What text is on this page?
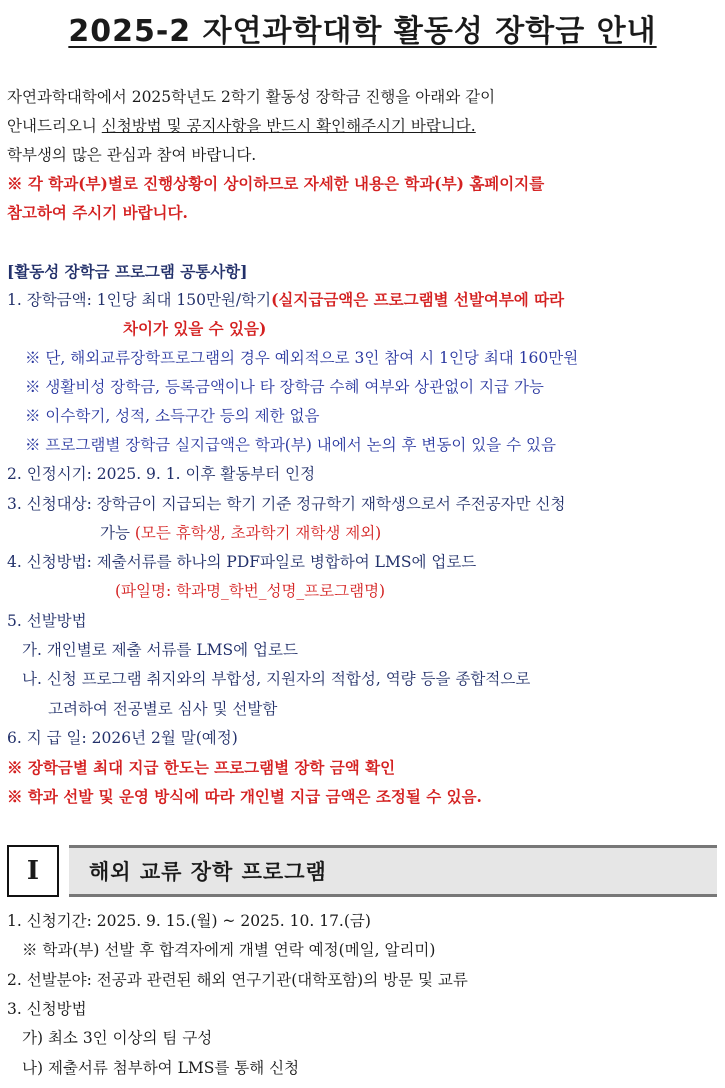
2025-2 자연과학대학 활동성 장학금 안내
자연과학대학에서 2025학년도 2학기 활동성 장학금 진행을 아래와 같이
안내드리오니 신청방법 및 공지사항을 반드시 확인해주시기 바랍니다.
학부생의 많은 관심과 참여 바랍니다.
※ 각 학과(부)별로 진행상황이 상이하므로 자세한 내용은 학과(부) 홈페이지를
참고하여 주시기 바랍니다.
[활동성 장학금 프로그램 공통사항]
1. 장학금액: 1인당 최대 150만원/학기(실지급금액은 프로그램별 선발여부에 따라
차이가 있을 수 있음)
※ 단, 해외교류장학프로그램의 경우 예외적으로 3인 참여 시 1인당 최대 160만원
※ 생활비성 장학금, 등록금액이나 타 장학금 수혜 여부와 상관없이 지급 가능
※ 이수학기, 성적, 소득구간 등의 제한 없음
※ 프로그램별 장학금 실지급액은 학과(부) 내에서 논의 후 변동이 있을 수 있음
2. 인정시기: 2025. 9. 1. 이후 활동부터 인정
3. 신청대상: 장학금이 지급되는 학기 기준 정규학기 재학생으로서 주전공자만 신청
가능 (모든 휴학생, 초과학기 재학생 제외)
4. 신청방법: 제출서류를 하나의 PDF파일로 병합하여 LMS에 업로드
(파일명: 학과명_학번_성명_프로그램명)
5. 선발방법
가. 개인별로 제출 서류를 LMS에 업로드
나. 신청 프로그램 취지와의 부합성, 지원자의 적합성, 역량 등을 종합적으로
고려하여 전공별로 심사 및 선발함
6. 지 급 일: 2026년 2월 말(예정)
※ 장학금별 최대 지급 한도는 프로그램별 장학 금액 확인
※ 학과 선발 및 운영 방식에 따라 개인별 지급 금액은 조정될 수 있음.
I	해외 교류 장학 프로그램
1. 신청기간: 2025. 9. 15.(월) ~ 2025. 10. 17.(금)
※ 학과(부) 선발 후 합격자에게 개별 연락 예정(메일, 알리미)
2. 선발분야: 전공과 관련된 해외 연구기관(대학포함)의 방문 및 교류
3. 신청방법
가) 최소 3인 이상의 팀 구성
나) 제출서류 첨부하여 LMS를 통해 신청
